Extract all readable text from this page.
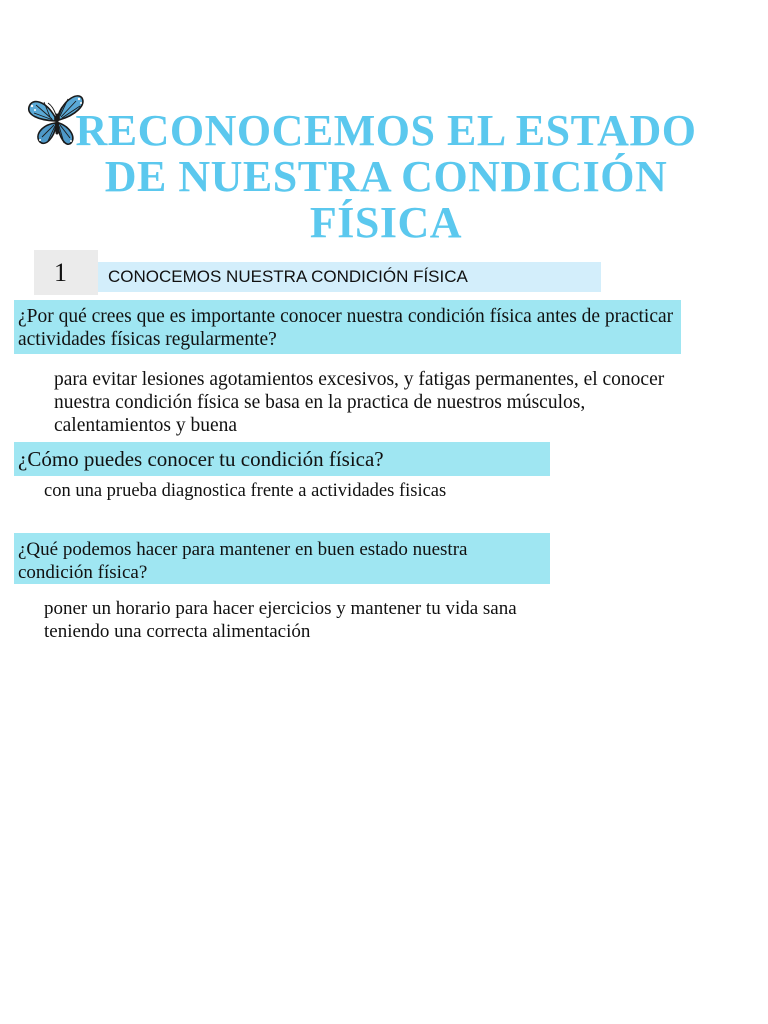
RECONOCEMOS EL ESTADO DE NUESTRA CONDICIÓN FÍSICA
1	CONOCEMOS NUESTRA CONDICIÓN FÍSICA
¿Por qué crees que es importante conocer nuestra condición física antes de practicar actividades físicas regularmente?

para evitar lesiones agotamientos excesivos, y fatigas permanentes, el conocer nuestra condición física se basa en la practica de nuestros músculos, calentamientos y buena

¿Cómo puedes conocer tu condición física?

con una prueba diagnostica frente a actividades fisicas

¿Qué podemos hacer para mantener en buen estado nuestra condición física?

poner un horario para hacer ejercicios y mantener tu vida sana teniendo una correcta alimentación
